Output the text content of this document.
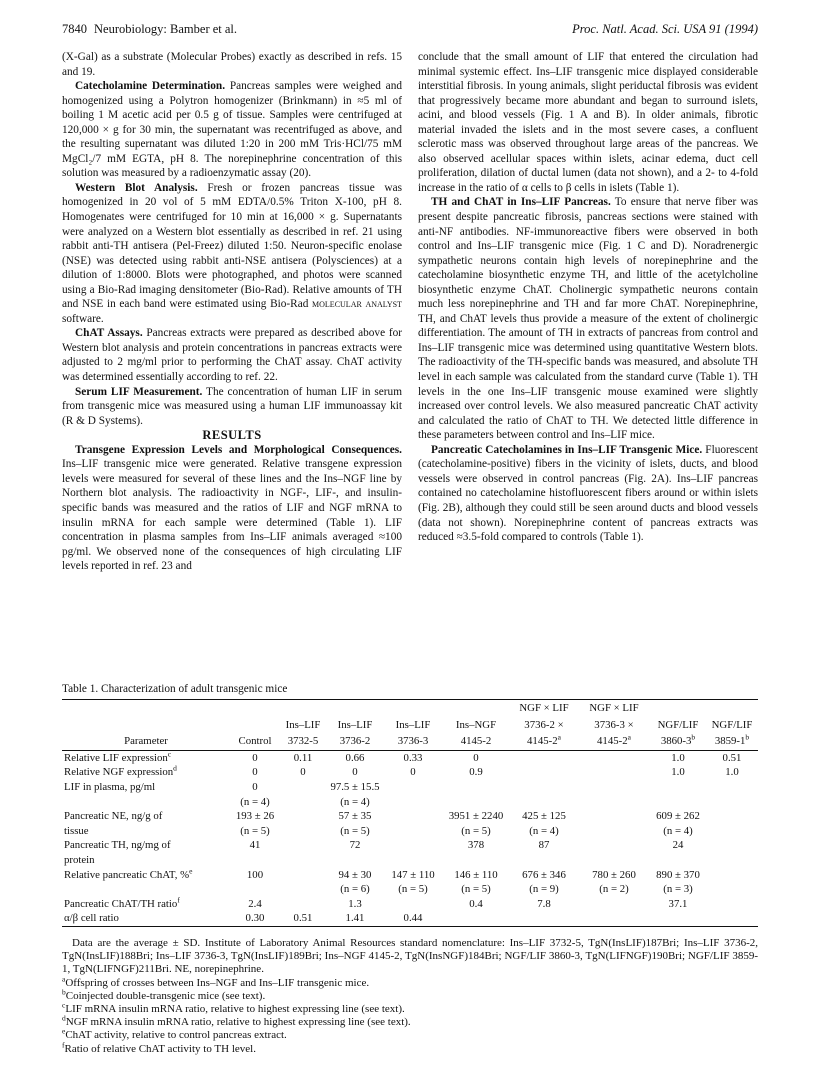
7840 Neurobiology: Bamber et al.	Proc. Natl. Acad. Sci. USA 91 (1994)

(X-Gal) as a substrate (Molecular Probes) exactly as described in refs. 15 and 19.

Catecholamine Determination. Pancreas samples were weighed and homogenized using a Polytron homogenizer (Brinkmann) in ≈5 ml of boiling 1 M acetic acid per 0.5 g of tissue. Samples were centrifuged at 120,000 × g for 30 min, the supernatant was recentrifuged as above, and the resulting supernatant was diluted 1:20 in 200 mM Tris·HCl/75 mM MgCl₂/7 mM EGTA, pH 8. The norepinephrine concentration of this solution was measured by a radioenzymatic assay (20).

Western Blot Analysis. Fresh or frozen pancreas tissue was homogenized in 20 vol of 5 mM EDTA/0.5% Triton X-100, pH 8. Homogenates were centrifuged for 10 min at 16,000 × g. Supernatants were analyzed on a Western blot essentially as described in ref. 21 using rabbit anti-TH antisera (Pel-Freez) diluted 1:50. Neuron-specific enolase (NSE) was detected using rabbit anti-NSE antisera (Polysciences) at a dilution of 1:8000. Blots were photographed, and photos were scanned using a Bio-Rad imaging densitometer (Bio-Rad). Relative amounts of TH and NSE in each band were estimated using Bio-Rad molecular analyst software.

ChAT Assays. Pancreas extracts were prepared as described above for Western blot analysis and protein concentrations in pancreas extracts were adjusted to 2 mg/ml prior to performing the ChAT assay. ChAT activity was determined essentially according to ref. 22.

Serum LIF Measurement. The concentration of human LIF in serum from transgenic mice was measured using a human LIF immunoassay kit (R & D Systems).

RESULTS

Transgene Expression Levels and Morphological Consequences. Ins–LIF transgenic mice were generated. Relative transgene expression levels were measured for several of these lines and the Ins–NGF line by Northern blot analysis. The radioactivity in NGF-, LIF-, and insulin-specific bands was measured and the ratios of LIF and NGF mRNA to insulin mRNA for each sample were determined (Table 1). LIF concentration in plasma samples from Ins–LIF animals averaged ≈100 pg/ml. We observed none of the consequences of high circulating LIF levels reported in ref. 23 and

conclude that the small amount of LIF that entered the circulation had minimal systemic effect. Ins–LIF transgenic mice displayed considerable interstitial fibrosis. In young animals, slight periductal fibrosis was evident that progressively became more abundant and began to surround islets, acini, and blood vessels (Fig. 1 A and B). In older animals, fibrotic material invaded the islets and in the most severe cases, a confluent sclerotic mass was observed throughout large areas of the pancreas. We also observed acellular spaces within islets, acinar edema, duct cell proliferation, dilation of ductal lumen (data not shown), and a 2- to 4-fold increase in the ratio of α cells to β cells in islets (Table 1).

TH and ChAT in Ins–LIF Pancreas. To ensure that nerve fiber was present despite pancreatic fibrosis, pancreas sections were stained with anti-NF antibodies. NF-immunoreactive fibers were observed in both control and Ins–LIF transgenic mice (Fig. 1 C and D). Noradrenergic sympathetic neurons contain high levels of norepinephrine and the catecholamine biosynthetic enzyme TH, and little of the acetylcholine biosynthetic enzyme ChAT. Cholinergic sympathetic neurons contain much less norepinephrine and TH and far more ChAT. Norepinephrine, TH, and ChAT levels thus provide a measure of the extent of cholinergic differentiation. The amount of TH in extracts of pancreas from control and Ins–LIF transgenic mice was determined using quantitative Western blots. The radioactivity of the TH-specific bands was measured, and absolute TH level in each sample was calculated from the standard curve (Table 1). TH levels in the one Ins–LIF transgenic mouse examined were slightly increased over control levels. We also measured pancreatic ChAT activity and calculated the ratio of ChAT to TH. We detected little difference in these parameters between control and Ins–LIF mice.

Pancreatic Catecholamines in Ins–LIF Transgenic Mice. Fluorescent (catecholamine-positive) fibers in the vicinity of islets, ducts, and blood vessels were observed in control pancreas (Fig. 2A). Ins–LIF pancreas contained no catecholamine histofluorescent fibers around or within islets (Fig. 2B), although they could still be seen around ducts and blood vessels (data not shown). Norepinephrine content of pancreas extracts was reduced ≈3.5-fold compared to controls (Table 1).

Table 1. Characterization of adult transgenic mice
						NGF × LIF	NGF × LIF		
		Ins–LIF	Ins–LIF	Ins–LIF	Ins–NGF	3736-2 ×	3736-3 ×	NGF/LIF	NGF/LIF
Parameter	Control	3732-5	3736-2	3736-3	4145-2	4145-2$^a$	4145-2$^a$	3860-3$^b$	3859-1$^b$
Relative LIF expression$^c$	0	0.11	0.66	0.33	0			1.0	0.51
Relative NGF expression$^d$	0	0	0	0	0.9			1.0	1.0
LIF in plasma, pg/ml	0		97.5 ± 15.5						
	(n = 4)		(n = 4)						
Pancreatic NE, ng/g of	193 ± 26		57 ± 35		3951 ± 2240	425 ± 125		609 ± 262	
tissue	(n = 5)		(n = 5)		(n = 5)	(n = 4)		(n = 4)	
Pancreatic TH, ng/mg of	41		72		378	87		24	
protein									
Relative pancreatic ChAT, %$^e$	100		94 ± 30	147 ± 110	146 ± 110	676 ± 346	780 ± 260	890 ± 370	
			(n = 6)	(n = 5)	(n = 5)	(n = 9)	(n = 2)	(n = 3)	
Pancreatic ChAT/TH ratio$^f$	2.4		1.3		0.4	7.8		37.1	
α/β cell ratio	0.30	0.51	1.41	0.44					

Data are the average ± SD. Institute of Laboratory Animal Resources standard nomenclature: Ins–LIF 3732-5, TgN(InsLIF)187Bri; Ins–LIF 3736-2, TgN(InsLIF)188Bri; Ins–LIF 3736-3, TgN(InsLIF)189Bri; Ins–NGF 4145-2, TgN(InsNGF)184Bri; NGF/LIF 3860-3, TgN(LIFNGF)190Bri; NGF/LIF 3859-1, TgN(LIFNGF)211Bri. NE, norepinephrine.

$^a$Offspring of crosses between Ins–NGF and Ins–LIF transgenic mice.

$^b$Coinjected double-transgenic mice (see text).

$^c$LIF mRNA insulin mRNA ratio, relative to highest expressing line (see text).

$^d$NGF mRNA insulin mRNA ratio, relative to highest expressing line (see text).

$^e$ChAT activity, relative to control pancreas extract.

$^f$Ratio of relative ChAT activity to TH level.
